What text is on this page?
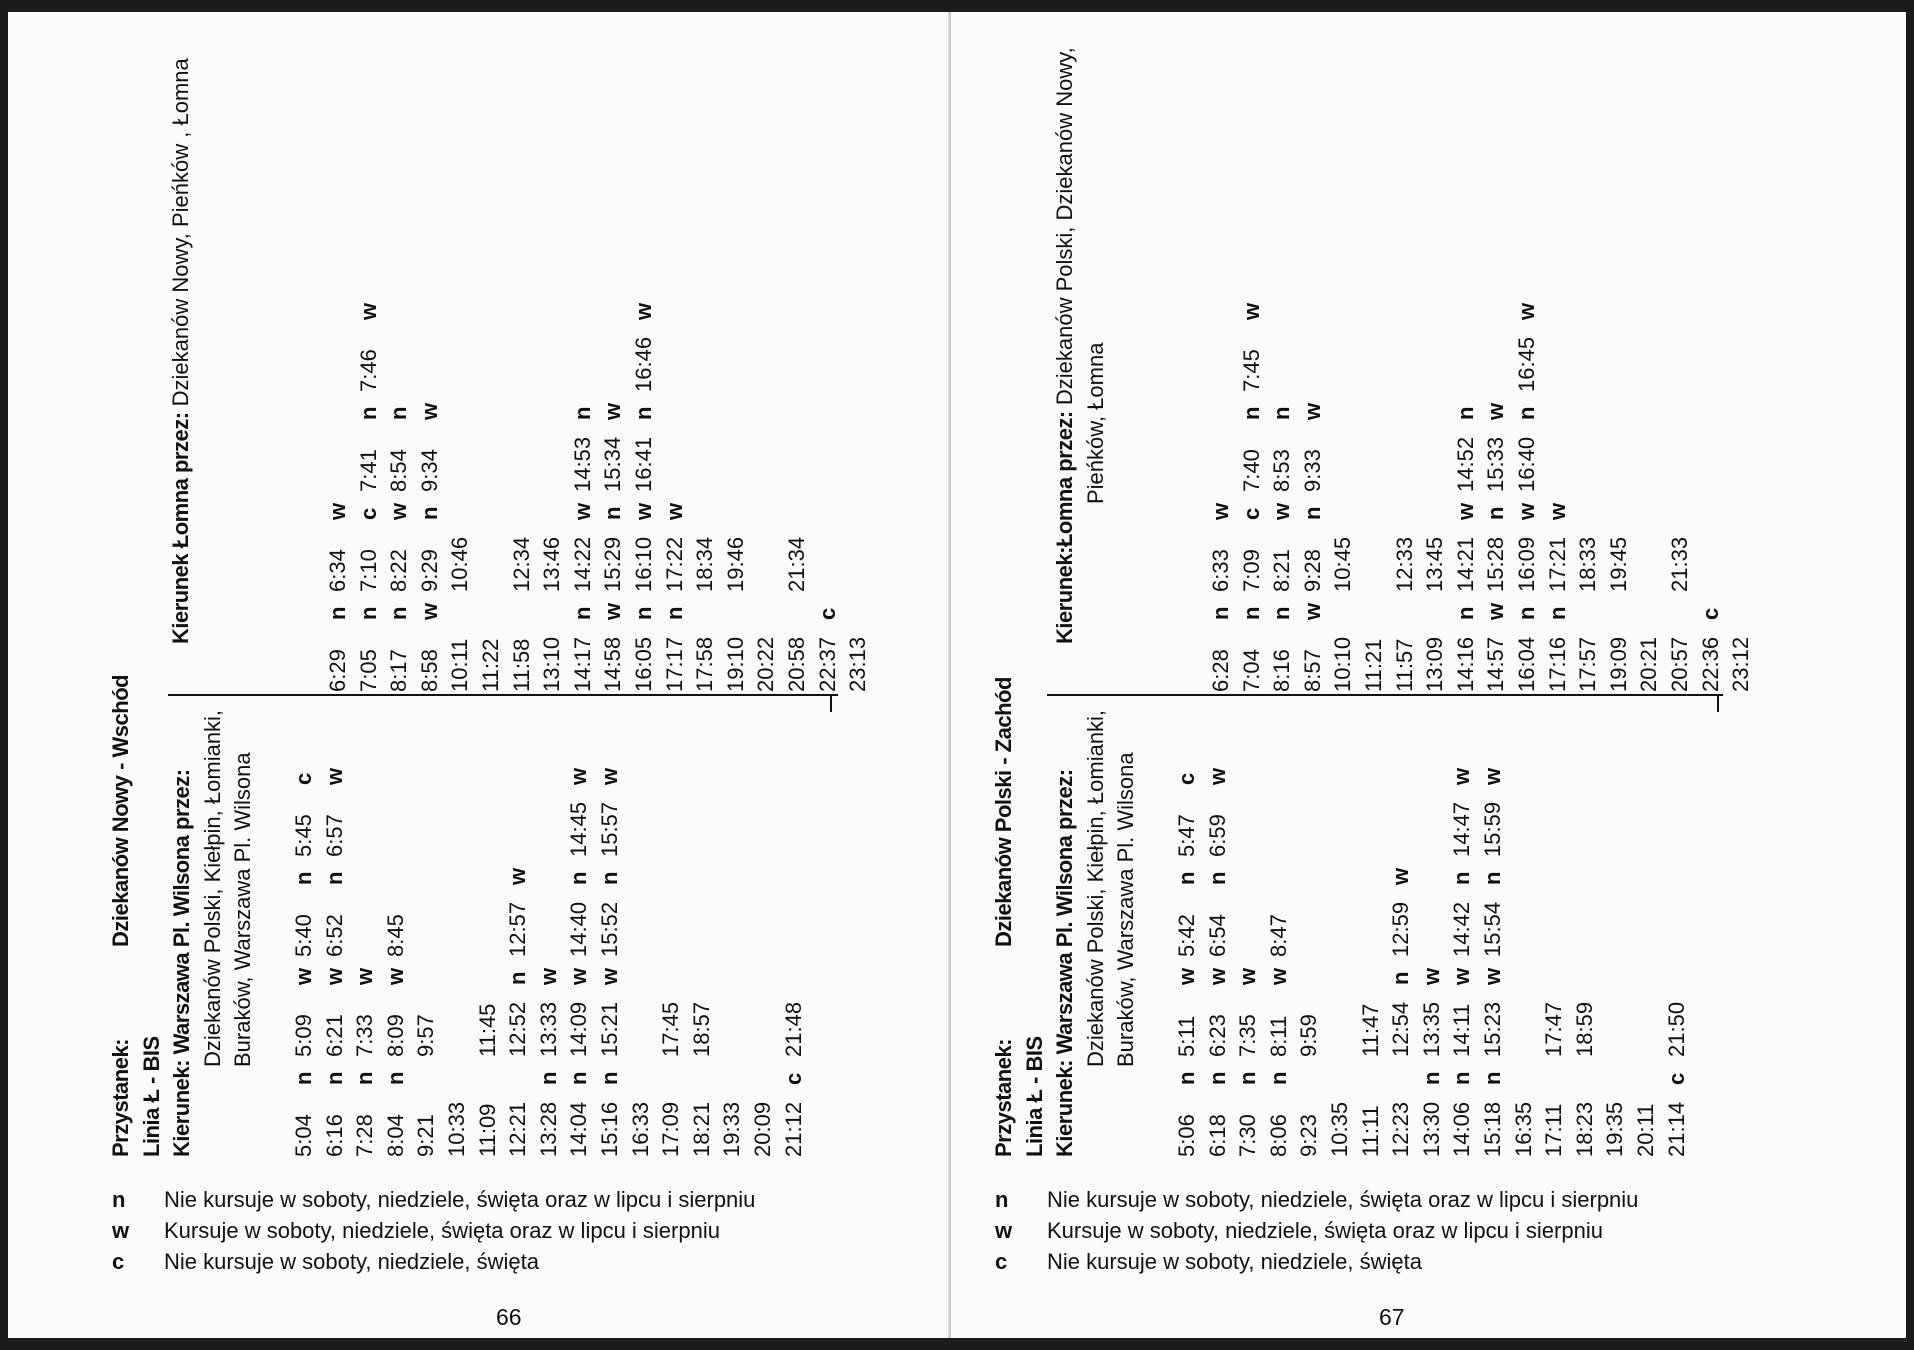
Przystanek:Dziekanów Nowy - Wschód
Linia Ł - BIS Kierunek: Warszawa Pl. Wilsona przez: Dziekanów Polski, Kiełpin, Łomianki, Buraków, Warszawa Pl. Wilsona
5:04n5:09w5:40n5:45c
6:16n6:21w6:52n6:57w
7:28n7:33w
8:04n8:09w8:45
9:219:57
10:33 11:0911:45
12:2112:52n12:57w
13:28n13:33w
14:04n14:09w14:40n14:45w
15:16n15:21w15:52n15:57w
16:33 17:0917:45
18:2118:57
19:33 20:09 21:12c21:48
Kierunek Łomna przez: Dziekanów Nowy, Pieńków , Łomna
6:29n6:34w
7:05n7:10c7:41n7:46w
8:17n8:22w8:54n
8:58w9:29n9:34w
10:1110:46
11:22 11:5812:34
13:1013:46
14:17n14:22w14:53n
14:58w15:29n15:34w
16:05n16:10w16:41n16:46w
17:17n17:22w
17:5818:34
19:1019:46
20:22 20:5821:34
22:37c
23:13
n Nie kursuje w soboty, niedziele, święta oraz w lipcu i sierpniu
w Kursuje w soboty, niedziele, święta oraz w lipcu i sierpniu
c Nie kursuje w soboty, niedziele, święta
66
Przystanek:Dziekanów Polski - Zachód
Linia Ł - BIS Kierunek: Warszawa Pl. Wilsona przez: Dziekanów Polski, Kiełpin, Łomianki, Buraków, Warszawa Pl. Wilsona
5:06n5:11w5:42n5:47c
6:18n6:23w6:54n6:59w
7:30n7:35w
8:06n8:11w8:47
9:239:59
10:35 11:1111:47
12:2312:54n12:59w
13:30n13:35w
14:06n14:11w14:42n14:47w
15:18n15:23w15:54n15:59w
16:35 17:1117:47
18:2318:59
19:35 20:11 21:14c21:50
Kierunek:Łomna przez: Dziekanów Polski, Dziekanów Nowy,
Pieńków, Łomna
6:28n6:33w
7:04n7:09c7:40n7:45w
8:16n8:21w8:53n
8:57w9:28n9:33w
10:1010:45
11:21 11:5712:33
13:0913:45
14:16n14:21w14:52n
14:57w15:28n15:33w
16:04n16:09w16:40n16:45w
17:16n17:21w
17:5718:33
19:0919:45
20:21 20:5721:33
22:36c
23:12
n Nie kursuje w soboty, niedziele, święta oraz w lipcu i sierpniu
w Kursuje w soboty, niedziele, święta oraz w lipcu i sierpniu
c Nie kursuje w soboty, niedziele, święta
67
